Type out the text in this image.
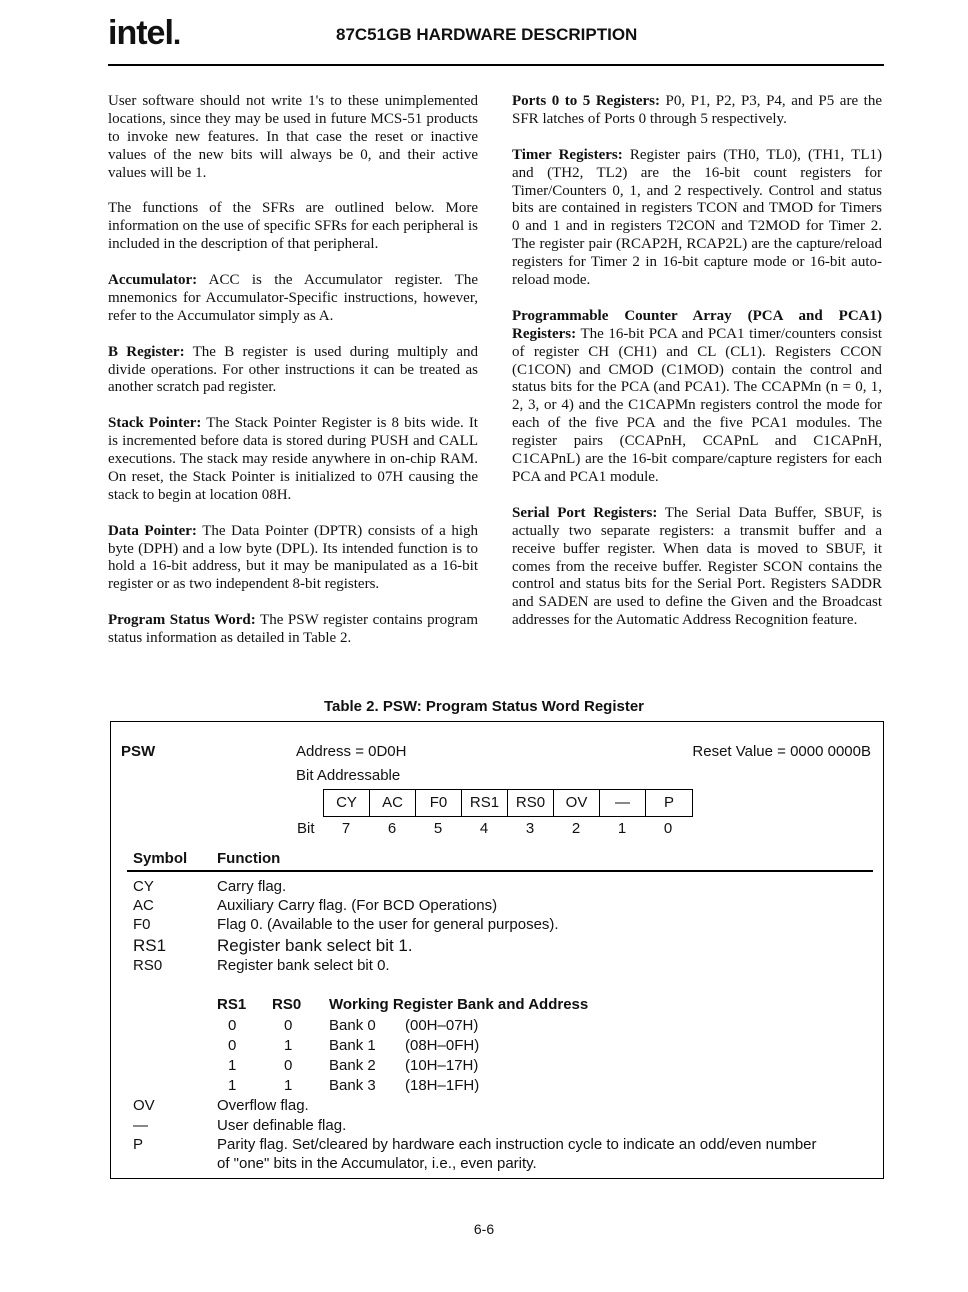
intel.	87C51GB HARDWARE DESCRIPTION

User software should not write 1's to these unimplemented locations, since they may be used in future MCS-51 products to invoke new features. In that case the reset or inactive values of the new bits will always be 0, and their active values will be 1.

The functions of the SFRs are outlined below. More information on the use of specific SFRs for each peripheral is included in the description of that peripheral.

Accumulator: ACC is the Accumulator register. The mnemonics for Accumulator-Specific instructions, however, refer to the Accumulator simply as A.

B Register: The B register is used during multiply and divide operations. For other instructions it can be treated as another scratch pad register.

Stack Pointer: The Stack Pointer Register is 8 bits wide. It is incremented before data is stored during PUSH and CALL executions. The stack may reside anywhere in on-chip RAM. On reset, the Stack Pointer is initialized to 07H causing the stack to begin at location 08H.

Data Pointer: The Data Pointer (DPTR) consists of a high byte (DPH) and a low byte (DPL). Its intended function is to hold a 16-bit address, but it may be manipulated as a 16-bit register or as two independent 8-bit registers.

Program Status Word: The PSW register contains program status information as detailed in Table 2.

Ports 0 to 5 Registers: P0, P1, P2, P3, P4, and P5 are the SFR latches of Ports 0 through 5 respectively.

Timer Registers: Register pairs (TH0, TL0), (TH1, TL1) and (TH2, TL2) are the 16-bit count registers for Timer/Counters 0, 1, and 2 respectively. Control and status bits are contained in registers TCON and TMOD for Timers 0 and 1 and in registers T2CON and T2MOD for Timer 2. The register pair (RCAP2H, RCAP2L) are the capture/reload registers for Timer 2 in 16-bit capture mode or 16-bit auto-reload mode.

Programmable Counter Array (PCA and PCA1) Registers: The 16-bit PCA and PCA1 timer/counters consist of register CH (CH1) and CL (CL1). Registers CCON (C1CON) and CMOD (C1MOD) contain the control and status bits for the PCA (and PCA1). The CCAPMn (n = 0, 1, 2, 3, or 4) and the C1CAPMn registers control the mode for each of the five PCA and the five PCA1 modules. The register pairs (CCAPnH, CCAPnL and C1CAPnH, C1CAPnL) are the 16-bit compare/capture registers for each PCA and PCA1 module.

Serial Port Registers: The Serial Data Buffer, SBUF, is actually two separate registers: a transmit buffer and a receive buffer register. When data is moved to SBUF, it comes from the receive buffer. Register SCON contains the control and status bits for the Serial Port. Registers SADDR and SADEN are used to define the Given and the Broadcast addresses for the Automatic Address Recognition feature.

Table 2. PSW: Program Status Word Register
PSW	Address = 0D0H
Bit Addressable
Reset Value = 0000 0000B
CY	AC	F0	RS1	RS0	OV	—	P
Bit	7	6	5	4	3	2	1	0
Symbol Function
CY	Carry flag.
AC	Auxiliary Carry flag. (For BCD Operations)
F0	Flag 0. (Available to the user for general purposes).
RS1	Register bank select bit 1.
RS0	Register bank select bit 0.
RS1 RS0 Working Register Bank and Address
0	0 Bank 0 (00H–07H)
0	1 Bank 1 (08H–0FH)
1	0 Bank 2 (10H–17H)
1	1 Bank 3 (18H–1FH)
OV	Overflow flag.
—	User definable flag.
P	Parity flag. Set/cleared by hardware each instruction cycle to indicate an odd/even number
of "one" bits in the Accumulator, i.e., even parity.
6-6
